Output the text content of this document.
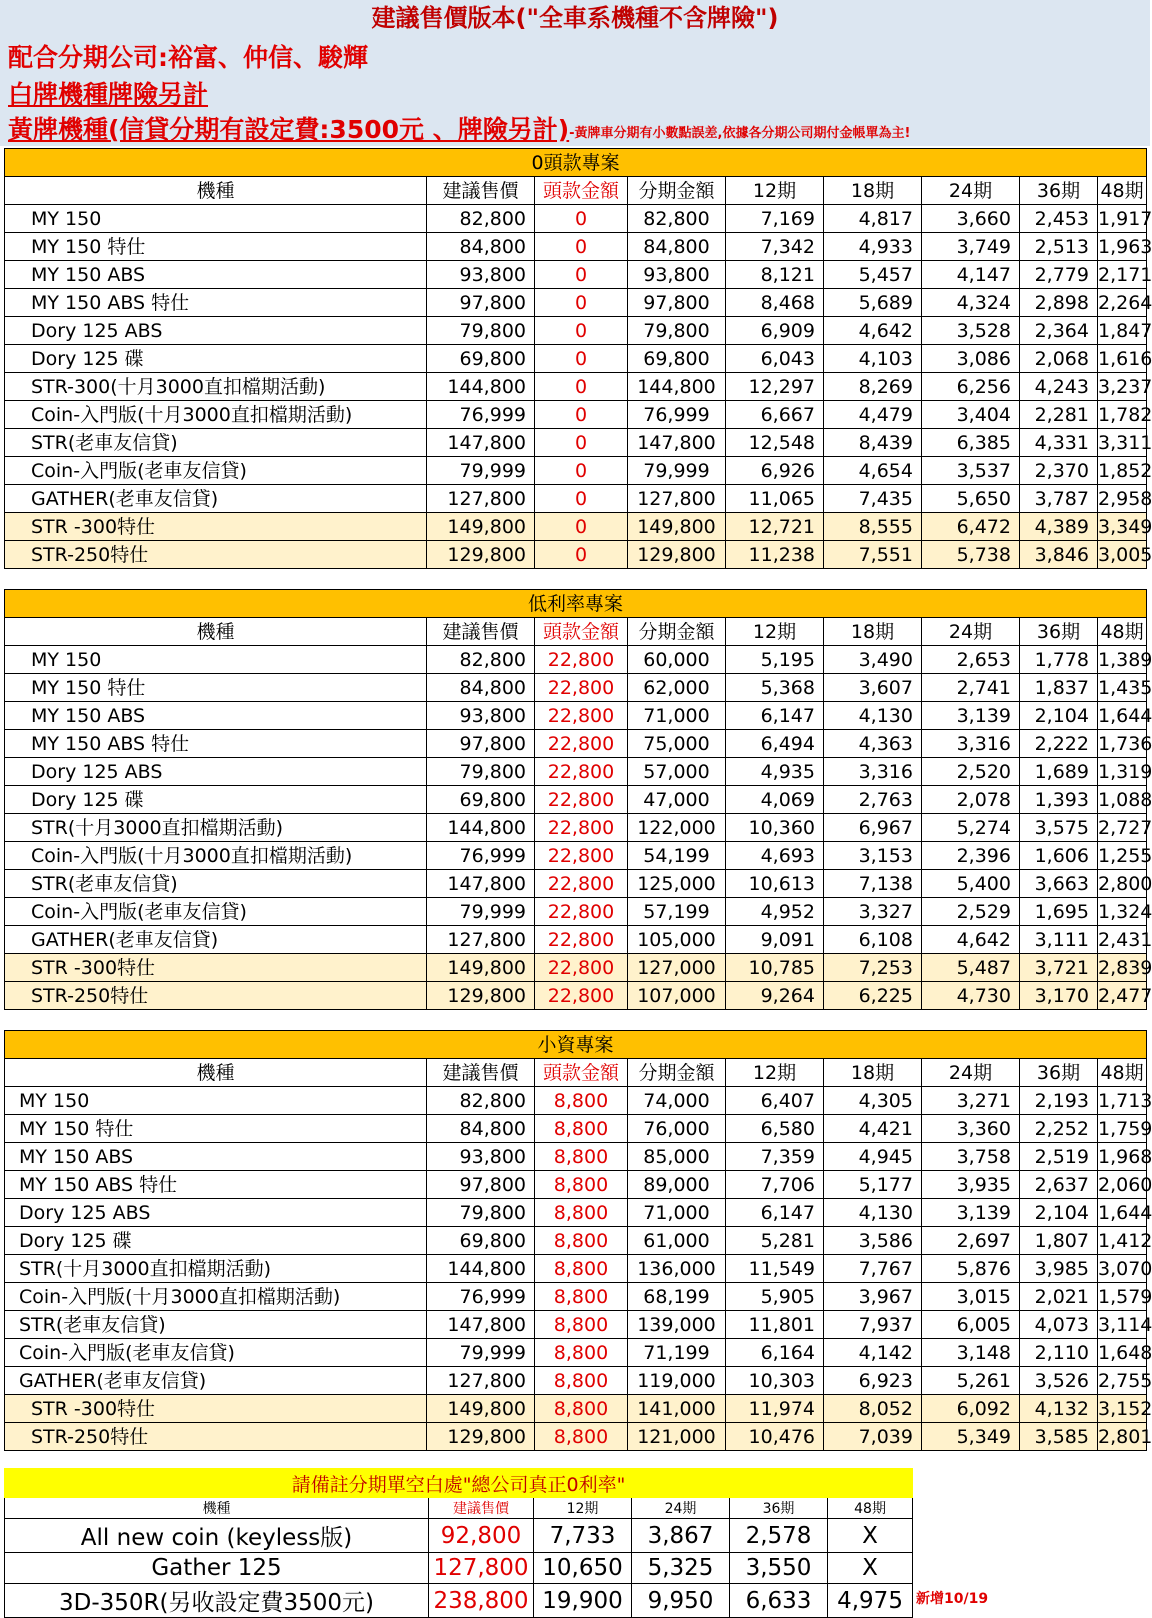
建議售價版本("全車系機種不含牌險")
配合分期公司:裕富、仲信、駿輝
白牌機種牌險另計
黃牌機種(信貸分期有設定費:3500元 、牌險另計)-黃牌車分期有小數點誤差,依據各分期公司期付金帳單為主!
0頭款專案								
機種	建議售價	頭款金額	分期金額	12期	18期	24期	36期	48期
MY 150	82,800	0	82,800	7,169	4,817	3,660	2,453	1,917
MY 150 特仕	84,800	0	84,800	7,342	4,933	3,749	2,513	1,963
MY 150 ABS	93,800	0	93,800	8,121	5,457	4,147	2,779	2,171
MY 150 ABS 特仕	97,800	0	97,800	8,468	5,689	4,324	2,898	2,264
Dory 125 ABS	79,800	0	79,800	6,909	4,642	3,528	2,364	1,847
Dory 125 碟	69,800	0	69,800	6,043	4,103	3,086	2,068	1,616
STR-300(十月3000直扣檔期活動)	144,800	0	144,800	12,297	8,269	6,256	4,243	3,237
Coin-入門版(十月3000直扣檔期活動)	76,999	0	76,999	6,667	4,479	3,404	2,281	1,782
STR(老車友信貸)	147,800	0	147,800	12,548	8,439	6,385	4,331	3,311
Coin-入門版(老車友信貸)	79,999	0	79,999	6,926	4,654	3,537	2,370	1,852
GATHER(老車友信貸)	127,800	0	127,800	11,065	7,435	5,650	3,787	2,958
STR -300特仕	149,800	0	149,800	12,721	8,555	6,472	4,389	3,349
STR-250特仕	129,800	0	129,800	11,238	7,551	5,738	3,846	3,005
低利率專案								
機種	建議售價	頭款金額	分期金額	12期	18期	24期	36期	48期
MY 150	82,800	22,800	60,000	5,195	3,490	2,653	1,778	1,389
MY 150 特仕	84,800	22,800	62,000	5,368	3,607	2,741	1,837	1,435
MY 150 ABS	93,800	22,800	71,000	6,147	4,130	3,139	2,104	1,644
MY 150 ABS 特仕	97,800	22,800	75,000	6,494	4,363	3,316	2,222	1,736
Dory 125 ABS	79,800	22,800	57,000	4,935	3,316	2,520	1,689	1,319
Dory 125 碟	69,800	22,800	47,000	4,069	2,763	2,078	1,393	1,088
STR(十月3000直扣檔期活動)	144,800	22,800	122,000	10,360	6,967	5,274	3,575	2,727
Coin-入門版(十月3000直扣檔期活動)	76,999	22,800	54,199	4,693	3,153	2,396	1,606	1,255
STR(老車友信貸)	147,800	22,800	125,000	10,613	7,138	5,400	3,663	2,800
Coin-入門版(老車友信貸)	79,999	22,800	57,199	4,952	3,327	2,529	1,695	1,324
GATHER(老車友信貸)	127,800	22,800	105,000	9,091	6,108	4,642	3,111	2,431
STR -300特仕	149,800	22,800	127,000	10,785	7,253	5,487	3,721	2,839
STR-250特仕	129,800	22,800	107,000	9,264	6,225	4,730	3,170	2,477
小資專案								
機種	建議售價	頭款金額	分期金額	12期	18期	24期	36期	48期
MY 150	82,800	8,800	74,000	6,407	4,305	3,271	2,193	1,713
MY 150 特仕	84,800	8,800	76,000	6,580	4,421	3,360	2,252	1,759
MY 150 ABS	93,800	8,800	85,000	7,359	4,945	3,758	2,519	1,968
MY 150 ABS 特仕	97,800	8,800	89,000	7,706	5,177	3,935	2,637	2,060
Dory 125 ABS	79,800	8,800	71,000	6,147	4,130	3,139	2,104	1,644
Dory 125 碟	69,800	8,800	61,000	5,281	3,586	2,697	1,807	1,412
STR(十月3000直扣檔期活動)	144,800	8,800	136,000	11,549	7,767	5,876	3,985	3,070
Coin-入門版(十月3000直扣檔期活動)	76,999	8,800	68,199	5,905	3,967	3,015	2,021	1,579
STR(老車友信貸)	147,800	8,800	139,000	11,801	7,937	6,005	4,073	3,114
Coin-入門版(老車友信貸)	79,999	8,800	71,199	6,164	4,142	3,148	2,110	1,648
GATHER(老車友信貸)	127,800	8,800	119,000	10,303	6,923	5,261	3,526	2,755
STR -300特仕	149,800	8,800	141,000	11,974	8,052	6,092	4,132	3,152
STR-250特仕	129,800	8,800	121,000	10,476	7,039	5,349	3,585	2,801
請備註分期單空白處"總公司真正0利率"					
機種	建議售價	12期	24期	36期	48期
All new coin (keyless版)	92,800	7,733	3,867	2,578	X
Gather 125	127,800	10,650	5,325	3,550	X
3D-350R(另收設定費3500元)	238,800	19,900	9,950	6,633	4,975 新增10/19
